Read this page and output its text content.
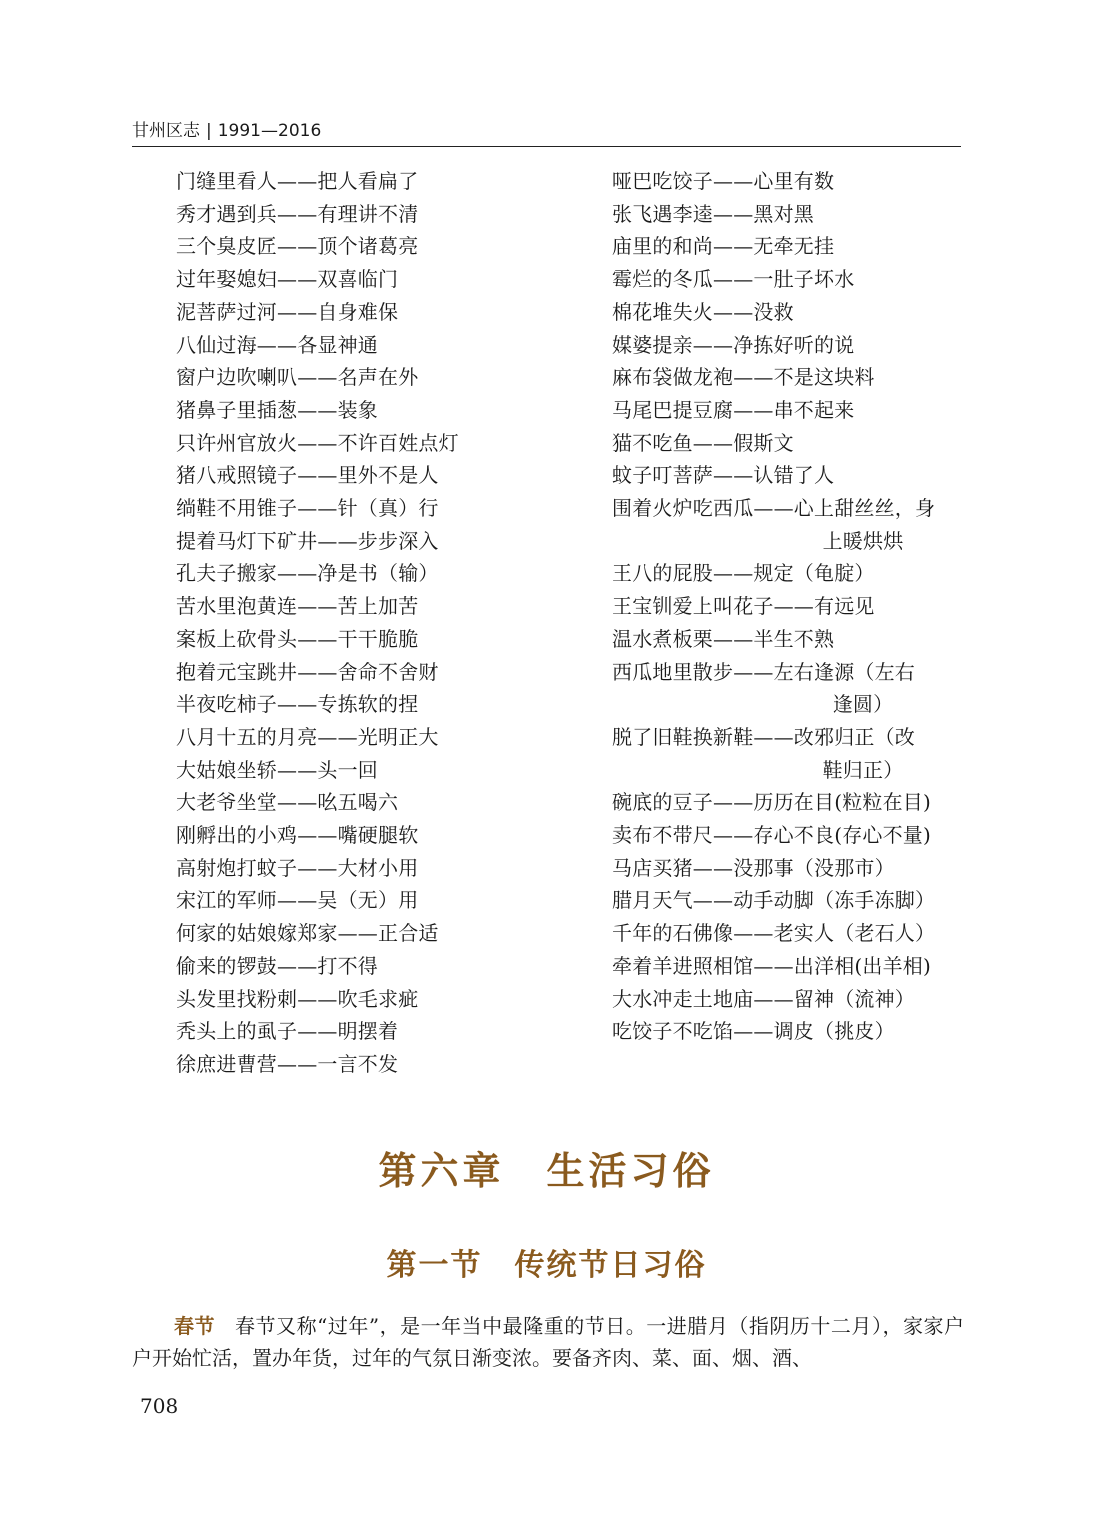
甘州区志 | 1991—2016
门缝里看人——把人看扁了
秀才遇到兵——有理讲不清
三个臭皮匠——顶个诸葛亮
过年娶媳妇——双喜临门
泥菩萨过河——自身难保
八仙过海——各显神通
窗户边吹喇叭——名声在外
猪鼻子里插葱——装象
只许州官放火——不许百姓点灯
猪八戒照镜子——里外不是人
绱鞋不用锥子——针（真）行
提着马灯下矿井——步步深入
孔夫子搬家——净是书（输）
苦水里泡黄连——苦上加苦
案板上砍骨头——干干脆脆
抱着元宝跳井——舍命不舍财
半夜吃柿子——专拣软的捏
八月十五的月亮——光明正大
大姑娘坐轿——头一回
大老爷坐堂——吆五喝六
刚孵出的小鸡——嘴硬腿软
高射炮打蚊子——大材小用
宋江的军师——吴（无）用
何家的姑娘嫁郑家——正合适
偷来的锣鼓——打不得
头发里找粉刺——吹毛求疵
秃头上的虱子——明摆着
徐庶进曹营——一言不发
哑巴吃饺子——心里有数
张飞遇李逵——黑对黑
庙里的和尚——无牵无挂
霉烂的冬瓜——一肚子坏水
棉花堆失火——没救
媒婆提亲——净拣好听的说
麻布袋做龙袍——不是这块料
马尾巴提豆腐——串不起来
猫不吃鱼——假斯文
蚊子叮菩萨——认错了人
围着火炉吃西瓜——心上甜丝丝，身
上暖烘烘
王八的屁股——规定（龟腚）
王宝钏爱上叫花子——有远见
温水煮板栗——半生不熟
西瓜地里散步——左右逢源（左右
逢圆）
脱了旧鞋换新鞋——改邪归正（改
鞋归正）
碗底的豆子——历历在目(粒粒在目)
卖布不带尺——存心不良(存心不量)
马店买猪——没那事（没那市）
腊月天气——动手动脚（冻手冻脚）
千年的石佛像——老实人（老石人）
牵着羊进照相馆——出洋相(出羊相)
大水冲走土地庙——留神（流神）
吃饺子不吃馅——调皮（挑皮）
第六章　生活习俗
第一节　传统节日习俗
春节 春节又称“过年”，是一年当中最隆重的节日。一进腊月（指阴历十二月），家家户户开始忙活，置办年货，过年的气氛日渐变浓。要备齐肉、菜、面、烟、酒、
708
